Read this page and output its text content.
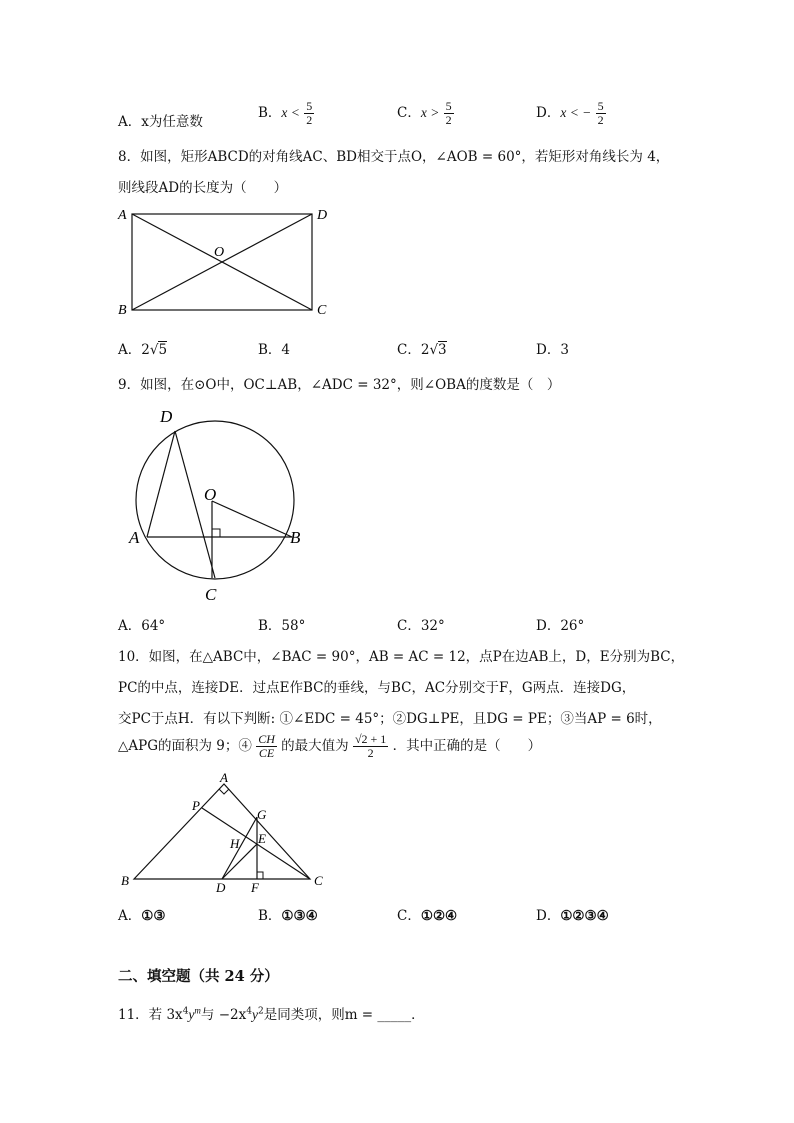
A．x为任意数
B．$x < \frac{5}{2}$	C．$x > \frac{5}{2}$	D．x < − $\frac{5}{2}$
8．如图，矩形ABCD的对角线AC、BD相交于点O，∠AOB = 60°，若矩形对角线长为 4，
则线段AD的长度为（　　）
A	D
B	C
O
A．2√5	B．4	C．2√3	D．3
9．如图，在⊙O中，OC⊥AB，∠ADC = 32°，则∠OBA的度数是（　）
D
O
A	B
C
A．64°	B．58°	C．32°	D．26°
10．如图，在△ABC中，∠BAC = 90°，AB = AC = 12，点P在边AB上，D，E分别为BC，
PC的中点，连接DE．过点E作BC的垂线，与BC，AC分别交于F，G两点．连接DG，
交PC于点H．有以下判断: ①∠EDC = 45°；②DG⊥PE，且DG = PE；③当AP = 6时，
△APG的面积为 9；④ $\frac{CH}{CE}$ 的最大值为 $\frac{√2 + 1}{2}$ ．其中正确的是（　　）
A
P
G
H E
B	D F	C
A．①③	B．①③④	C．①②④	D．①②③④
二、填空题（共 24 分）
11．若 $3x^4y^m$与 $-2x^4y^2$是同类项，则m = _____．
